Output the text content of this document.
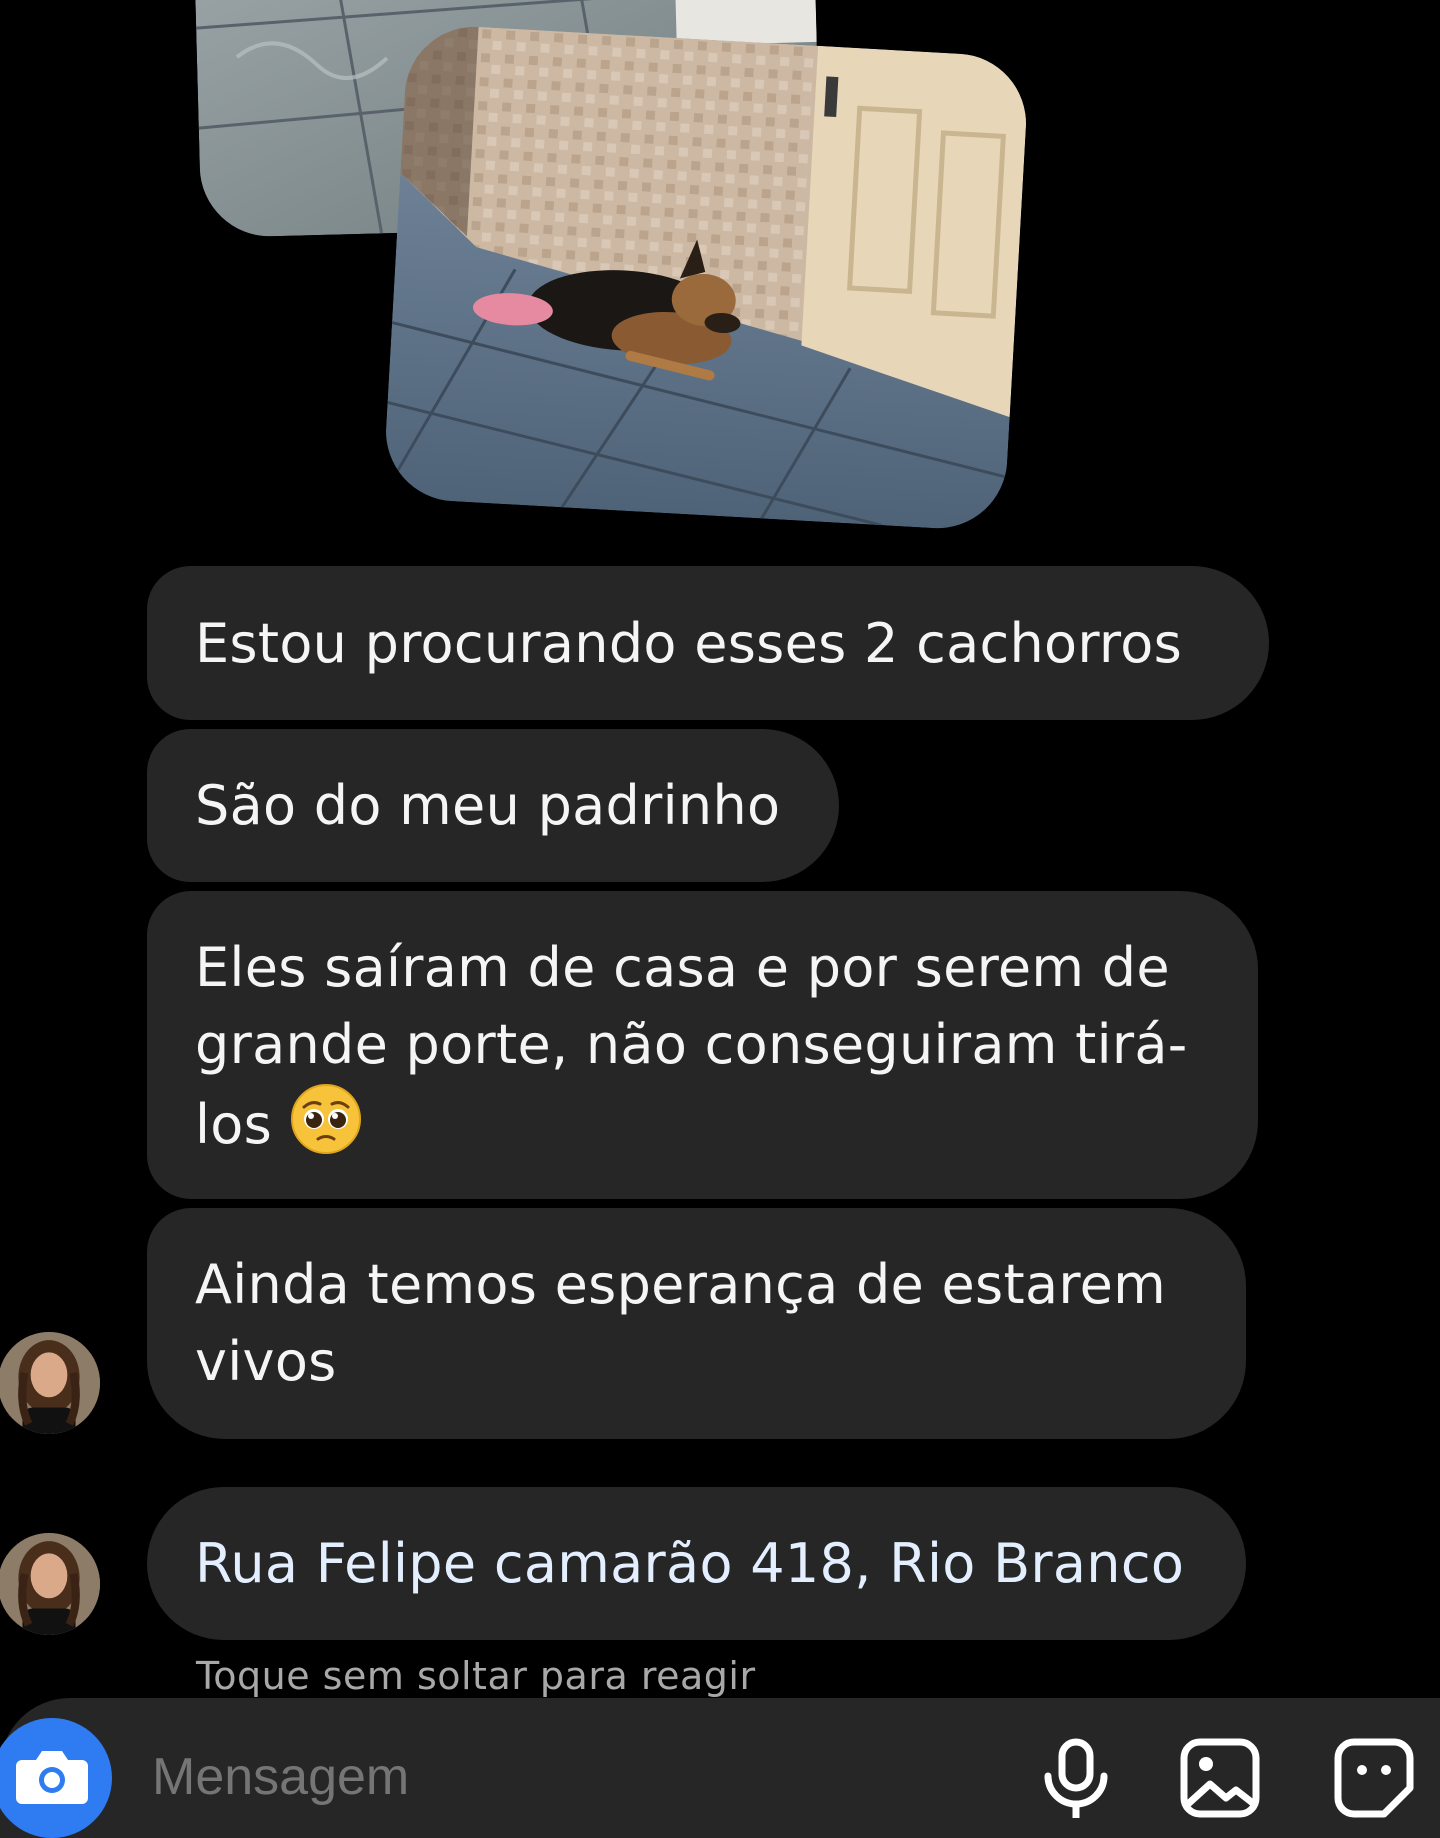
Estou procurando esses 2 cachorros
São do meu padrinho
Eles saíram de casa e por serem de
grande porte, não conseguiram tirá-
los
Ainda temos esperança de estarem
vivos
Rua Felipe camarão 418, Rio Branco
Toque sem soltar para reagir
Mensagem
